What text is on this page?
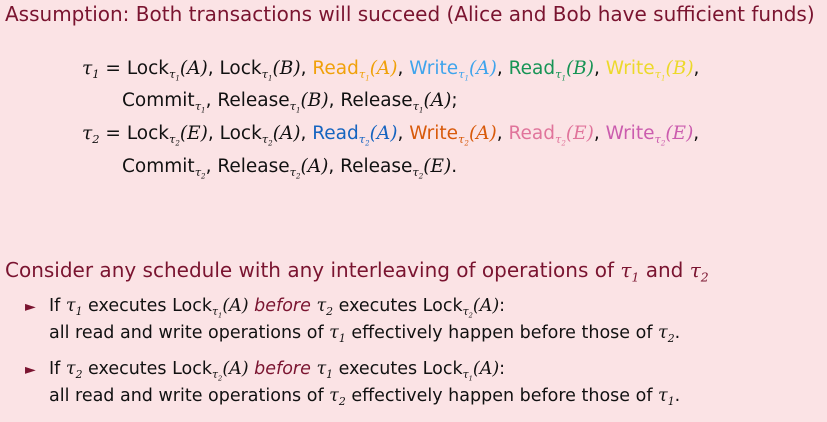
Assumption: Both transactions will succeed (Alice and Bob have sufficient funds)
$\tau_1$ = Lock$_{\tau_1}$(A), Lock$_{\tau_1}$(B), Read$_{\tau_1}$(A), Write$_{\tau_1}$(A), Read$_{\tau_1}$(B), Write$_{\tau_1}$(B),
Commit$_{\tau_1}$, Release$_{\tau_1}$(B), Release$_{\tau_1}$(A);
$\tau_2$ = Lock$_{\tau_2}$(E), Lock$_{\tau_2}$(A), Read$_{\tau_2}$(A), Write$_{\tau_2}$(A), Read$_{\tau_2}$(E), Write$_{\tau_2}$(E),
Commit$_{\tau_2}$, Release$_{\tau_2}$(A), Release$_{\tau_2}$(E).
Consider any schedule with any interleaving of operations of $\tau_1$ and $\tau_2$
► If $\tau_1$ executes Lock$_{\tau_1}$(A) before $\tau_2$ executes Lock$_{\tau_2}$(A):
all read and write operations of $\tau_1$ effectively happen before those of $\tau_2$.
► If $\tau_2$ executes Lock$_{\tau_2}$(A) before $\tau_1$ executes Lock$_{\tau_1}$(A):
all read and write operations of $\tau_2$ effectively happen before those of $\tau_1$.
